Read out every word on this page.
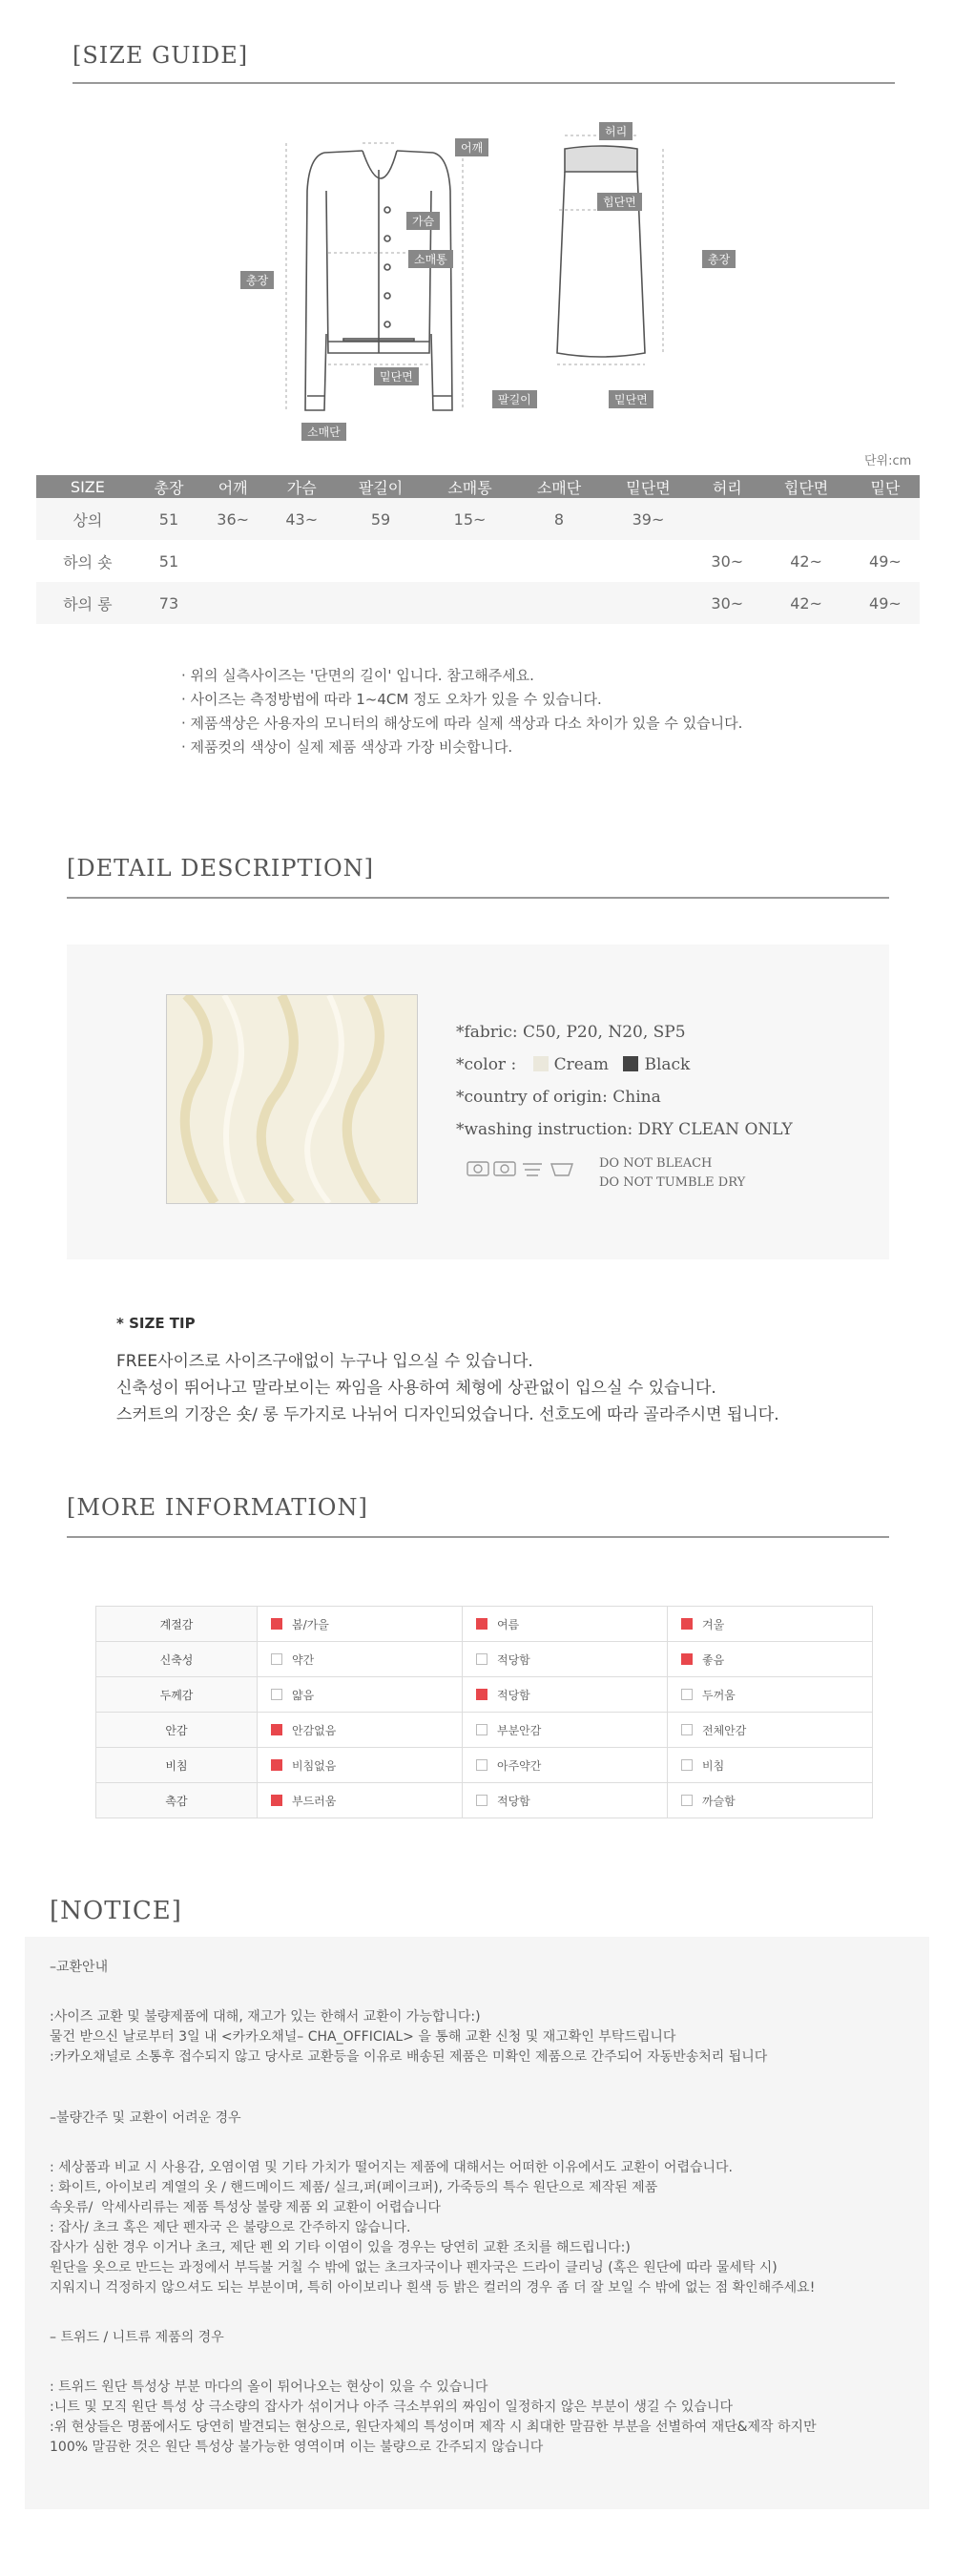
[SIZE GUIDE]
어깨
가슴
소매통
총장
밑단면
팔길이
소매단
허리
힙단면
총장
밑단면
단위:cm
SIZE	총장	어깨	가슴	팔길이	소매통	소매단	밑단면	허리	힙단면	밑단
상의	51	36~	43~	59	15~	8	39~			
하의 숏	51							30~	42~	49~
하의 롱	73							30~	42~	49~
· 위의 실측사이즈는 '단면의 길이' 입니다. 참고해주세요.
· 사이즈는 측정방법에 따라 1~4CM 정도 오차가 있을 수 있습니다.
· 제품색상은 사용자의 모니터의 해상도에 따라 실제 색상과 다소 차이가 있을 수 있습니다.
· 제품컷의 색상이 실제 제품 색상과 가장 비슷합니다.
[DETAIL DESCRIPTION]
*fabric: C50, P20, N20, SP5
*color : Cream Black
*country of origin: China
*washing instruction: DRY CLEAN ONLY
DO NOT BLEACH
DO NOT TUMBLE DRY
* SIZE TIP
FREE사이즈로 사이즈구애없이 누구나 입으실 수 있습니다.
신축성이 뛰어나고 말라보이는 짜임을 사용하여 체형에 상관없이 입으실 수 있습니다.
스커트의 기장은 숏/ 롱 두가지로 나뉘어 디자인되었습니다. 선호도에 따라 골라주시면 됩니다.
[MORE INFORMATION]
계절감	봄/가을	여름	겨울
신축성	약간	적당함	좋음
두께감	얇음	적당함	두꺼움
안감	안감없음	부분안감	전체안감
비침	비침없음	아주약간	비침
촉감	부드러움	적당함	까슬함
[NOTICE]
–교환안내
:사이즈 교환 및 불량제품에 대해, 재고가 있는 한해서 교환이 가능합니다:)
물건 받으신 날로부터 3일 내 <카카오채널– CHA_OFFICIAL> 을 통해 교환 신청 및 재고확인 부탁드립니다
:카카오채널로 소통후 접수되지 않고 당사로 교환등을 이유로 배송된 제품은 미확인 제품으로 간주되어 자동반송처리 됩니다
–불량간주 및 교환이 어려운 경우
: 세상품과 비교 시 사용감, 오염이염 및 기타 가치가 떨어지는 제품에 대해서는 어떠한 이유에서도 교환이 어렵습니다.
: 화이트, 아이보리 계열의 옷 / 핸드메이드 제품/ 실크,퍼(페이크퍼), 가죽등의 특수 원단으로 제작된 제품
속옷류/  악세사리류는 제품 특성상 불량 제품 외 교환이 어렵습니다
: 잡사/ 초크 혹은 제단 펜자국 은 불량으로 간주하지 않습니다.
잡사가 심한 경우 이거나 초크, 제단 펜 외 기타 이염이 있을 경우는 당연히 교환 조치를 해드립니다:)
원단을 옷으로 만드는 과정에서 부득불 거칠 수 밖에 없는 초크자국이나 펜자국은 드라이 클리닝 (혹은 원단에 따라 물세탁 시)
지워지니 걱정하지 않으셔도 되는 부분이며, 특히 아이보리나 흰색 등 밝은 컬러의 경우 좀 더 잘 보일 수 밖에 없는 점 확인해주세요!
– 트위드 / 니트류 제품의 경우
: 트위드 원단 특성상 부분 마다의 올이 튀어나오는 현상이 있을 수 있습니다
:니트 및 모직 원단 특성 상 극소량의 잡사가 섞이거나 아주 극소부위의 짜임이 일정하지 않은 부분이 생길 수 있습니다
:위 현상들은 명품에서도 당연히 발견되는 현상으로, 원단자체의 특성이며 제작 시 최대한 말끔한 부분을 선별하여 재단&제작 하지만
100% 말끔한 것은 원단 특성상 불가능한 영역이며 이는 불량으로 간주되지 않습니다
